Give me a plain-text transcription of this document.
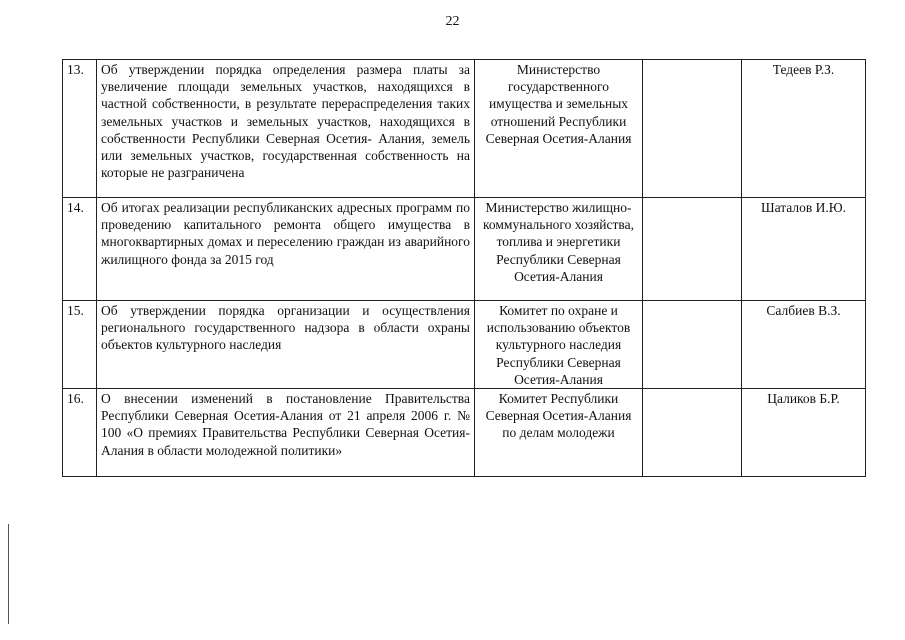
22
13.	Об утверждении порядка определения размера платы за увеличение площади земельных участков, находящихся в частной собственности, в результате перераспределения таких земельных участков и земельных участков, находящихся в собственности Республики Северная Осетия- Алания, земель или земельных участков, государственная собственность на которые не разграничена	Министерство государственного имущества и земельных отношений Республики Северная Осетия-Алания		Тедеев Р.З.
14.	Об итогах реализации республиканских адресных программ по проведению капитального ремонта общего имущества в многоквартирных домах и переселению граждан из аварийного жилищного фонда за 2015 год	Министерство жилищно-коммунального хозяйства, топлива и энергетики Республики Северная Осетия-Алания		Шаталов И.Ю.
15.	Об утверждении порядка организации и осуществления регионального государственного надзора в области охраны объектов культурного наследия	Комитет по охране и использованию объектов культурного наследия Республики Северная Осетия-Алания		Салбиев В.З.
16.	О внесении изменений в постановление Правительства Республики Северная Осетия-Алания от 21 апреля 2006 г. № 100 «О премиях Правительства Республики Северная Осетия- Алания в области молодежной политики»	Комитет Республики Северная Осетия-Алания по делам молодежи		Цаликов Б.Р.
